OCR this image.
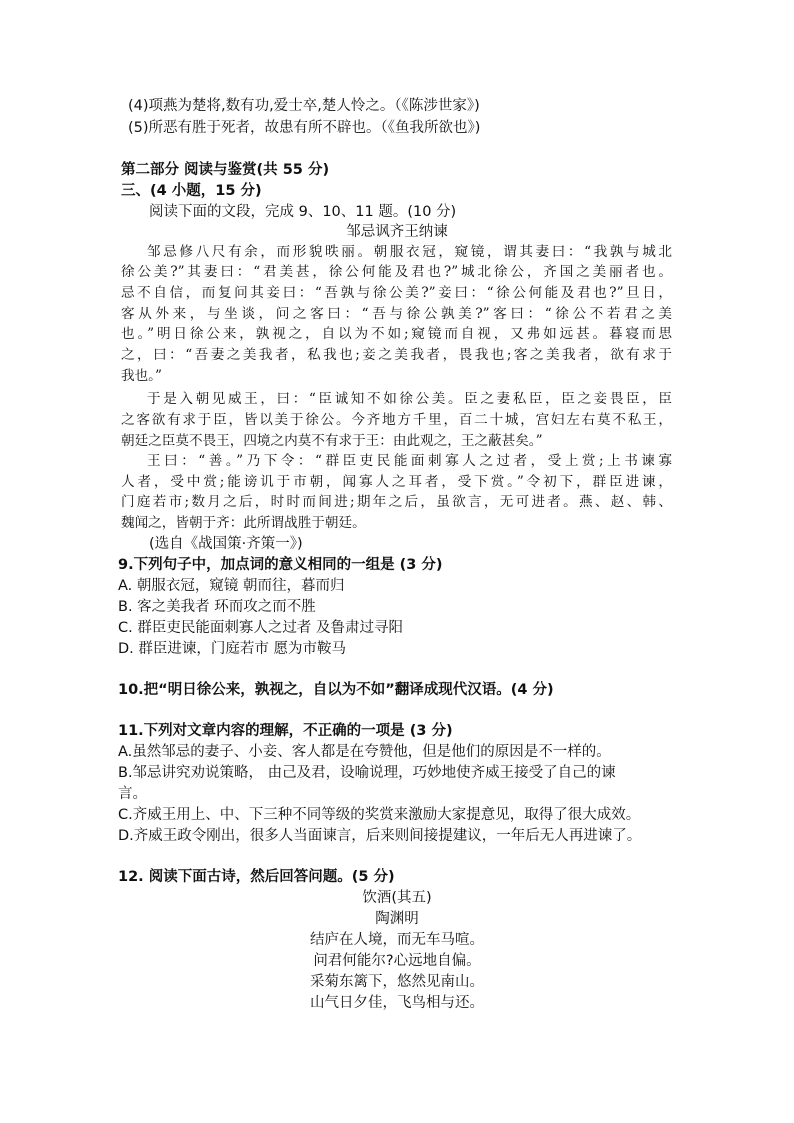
(4)项燕为楚将,数有功,爱士卒,楚人怜之。（《陈涉世家》)
(5)所恶有胜于死者，故患有所不辟也。（《鱼我所欲也》)
第二部分 阅读与鉴赏(共 55 分)
三、(4 小题，15 分)
阅读下面的文段，完成 9、10、11 题。(10 分)
邹忌讽齐王纳谏
邹忌修八尺有余，而形貌昳丽。朝服衣冠，窥镜，谓其妻曰：“我孰与城北
徐公美?”其妻曰：“君美甚，徐公何能及君也?”城北徐公，齐国之美丽者也。
忌不自信，而复问其妾曰：“吾孰与徐公美?”妾曰：“徐公何能及君也?”旦日，
客从外来，与坐谈，问之客曰：“吾与徐公孰美?”客曰：“徐公不若君之美
也。”明日徐公来，孰视之，自以为不如;窥镜而自视，又弗如远甚。暮寝而思
之，曰：“吾妻之美我者，私我也;妾之美我者，畏我也;客之美我者，欲有求于
我也。”
于是入朝见威王，曰：“臣诚知不如徐公美。臣之妻私臣，臣之妾畏臣，臣
之客欲有求于臣，皆以美于徐公。今齐地方千里，百二十城，宫妇左右莫不私王，
朝廷之臣莫不畏王，四境之内莫不有求于王：由此观之，王之蔽甚矣。”
王曰：“善。”乃下令：“群臣吏民能面刺寡人之过者，受上赏;上书谏寡
人者，受中赏;能谤讥于市朝，闻寡人之耳者，受下赏。”令初下，群臣进谏，
门庭若市;数月之后，时时而间进;期年之后，虽欲言，无可进者。燕、赵、韩、
魏闻之，皆朝于齐：此所谓战胜于朝廷。
(选自《战国策·齐策一》)
9.下列句子中，加点词的意义相同的一组是 (3 分)
A. 朝服衣冠，窥镜 朝而往，暮而归
B. 客之美我者 环而攻之而不胜
C. 群臣吏民能面刺寡人之过者 及鲁肃过寻阳
D. 群臣进谏，门庭若市 愿为市鞍马
10.把“明日徐公来，孰视之，自以为不如”翻译成现代汉语。(4 分)
11.下列对文章内容的理解，不正确的一项是 (3 分)
A.虽然邹忌的妻子、小妾、客人都是在夸赞他，但是他们的原因是不一样的。
B.邹忌讲究劝说策略， 由己及君，设喻说理，巧妙地使齐威王接受了自己的谏
言。
C.齐威王用上、中、下三种不同等级的奖赏来激励大家提意见，取得了很大成效。
D.齐威王政令刚出，很多人当面谏言，后来则间接提建议，一年后无人再进谏了。
12. 阅读下面古诗，然后回答问题。(5 分)
饮酒(其五)
陶渊明
结庐在人境，而无车马喧。
问君何能尔?心远地自偏。
采菊东篱下，悠然见南山。
山气日夕佳，飞鸟相与还。
